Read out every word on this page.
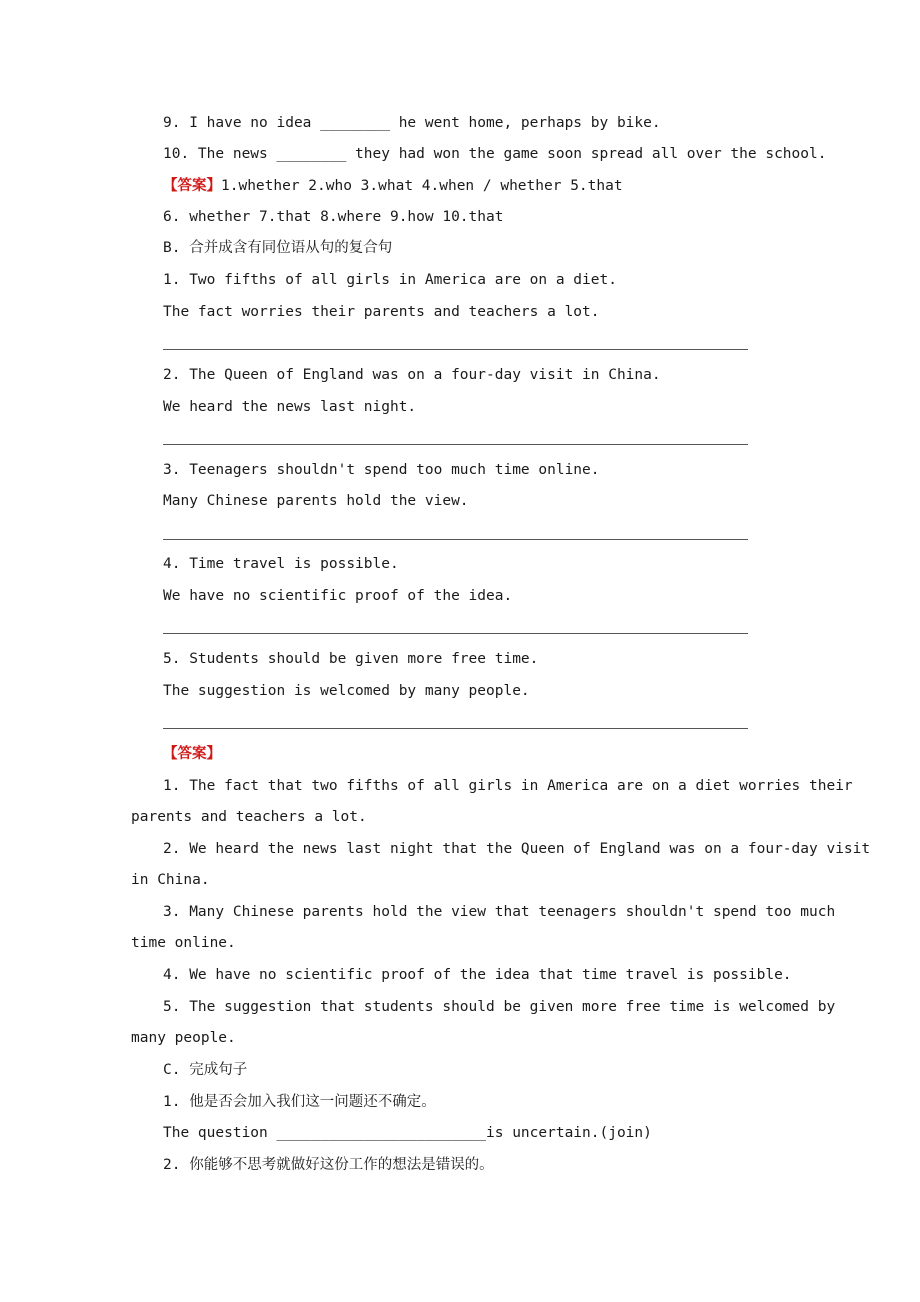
9. I have no idea ________ he went home, perhaps by bike.
10. The news ________ they had won the game soon spread all over the school.
【答案】1.whether 2.who 3.what 4.when / whether 5.that
6. whether 7.that 8.where 9.how 10.that
B. 合并成含有同位语从句的复合句
1. Two fifths of all girls in America are on a diet.
The fact worries their parents and teachers a lot.
2. The Queen of England was on a four-day visit in China.
We heard the news last night.
3. Teenagers shouldn't spend too much time online.
Many Chinese parents hold the view.
4. Time travel is possible.
We have no scientific proof of the idea.
5. Students should be given more free time.
The suggestion is welcomed by many people.
【答案】
1. The fact that two fifths of all girls in America are on a diet worries their
parents and teachers a lot.
2. We heard the news last night that the Queen of England was on a four-day visit
in China.
3. Many Chinese parents hold the view that teenagers shouldn't spend too much
time online.
4. We have no scientific proof of the idea that time travel is possible.
5. The suggestion that students should be given more free time is welcomed by
many people.
C. 完成句子
1. 他是否会加入我们这一问题还不确定。
The question ________________________is uncertain.(join)
2. 你能够不思考就做好这份工作的想法是错误的。
